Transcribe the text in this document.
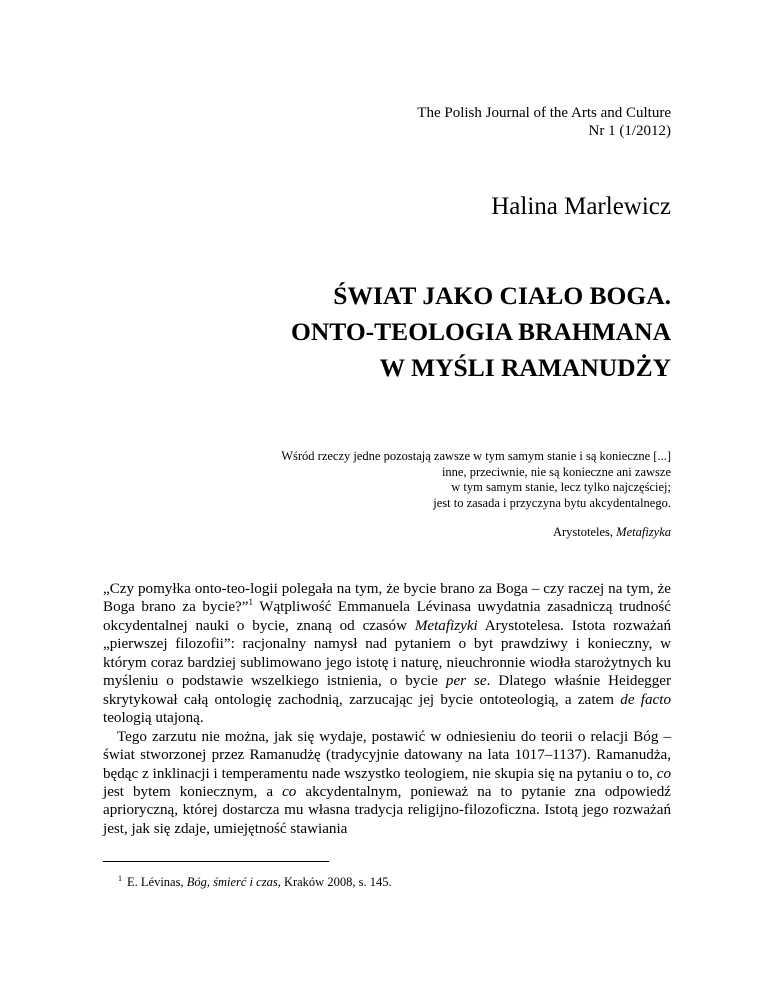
The Polish Journal of the Arts and Culture
Nr 1 (1/2012)
Halina Marlewicz
ŚWIAT JAKO CIAŁO BOGA.
ONTO-TEOLOGIA BRAHMANA
W MYŚLI RAMANUDŻY
Wśród rzeczy jedne pozostają zawsze w tym samym stanie i są konieczne [...]
inne, przeciwnie, nie są konieczne ani zawsze
w tym samym stanie, lecz tylko najczęściej;
jest to zasada i przyczyna bytu akcydentalnego.
Arystoteles, Metafizyka

„Czy pomyłka onto-teo-logii polegała na tym, że bycie brano za Boga – czy raczej na tym, że Boga brano za bycie?”$^1$ Wątpliwość Emmanuela Lévinasa uwydatnia zasadniczą trudność okcydentalnej nauki o bycie, znaną od czasów Metafizyki Arystotelesa. Istota rozważań „pierwszej filozofii”: racjonalny namysł nad pytaniem o byt prawdziwy i konieczny, w którym coraz bardziej sublimowano jego istotę i naturę, nieuchronnie wiodła starożytnych ku myśleniu o podstawie wszelkiego istnienia, o bycie per se. Dlatego właśnie Heidegger skrytykował całą ontologię zachodnią, zarzucając jej bycie ontoteologią, a zatem de facto teologią utajoną.

Tego zarzutu nie można, jak się wydaje, postawić w odniesieniu do teorii o relacji Bóg – świat stworzonej przez Ramanudżę (tradycyjnie datowany na lata 1017–1137). Ramanudża, będąc z inklinacji i temperamentu nade wszystko teologiem, nie skupia się na pytaniu o to, co jest bytem koniecznym, a co akcydentalnym, ponieważ na to pytanie zna odpowiedź aprioryczną, której dostarcza mu własna tradycja religijno-filozoficzna. Istotą jego rozważań jest, jak się zdaje, umiejętność stawiania

$^1$ E. Lévinas, Bóg, śmierć i czas, Kraków 2008, s. 145.
